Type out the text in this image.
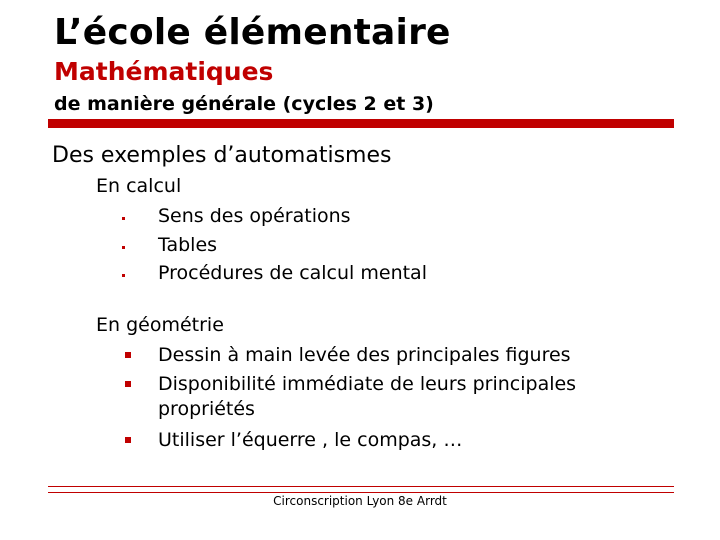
L’école élémentaire
Mathématiques
de manière générale (cycles 2 et 3)
Des exemples d’automatismes
En calcul
Sens des opérations
Tables
Procédures de calcul mental
En géométrie
Dessin à main levée des principales figures
Disponibilité immédiate de leurs principales
propriétés
Utiliser l’équerre , le compas, …
Circonscription Lyon 8e Arrdt
